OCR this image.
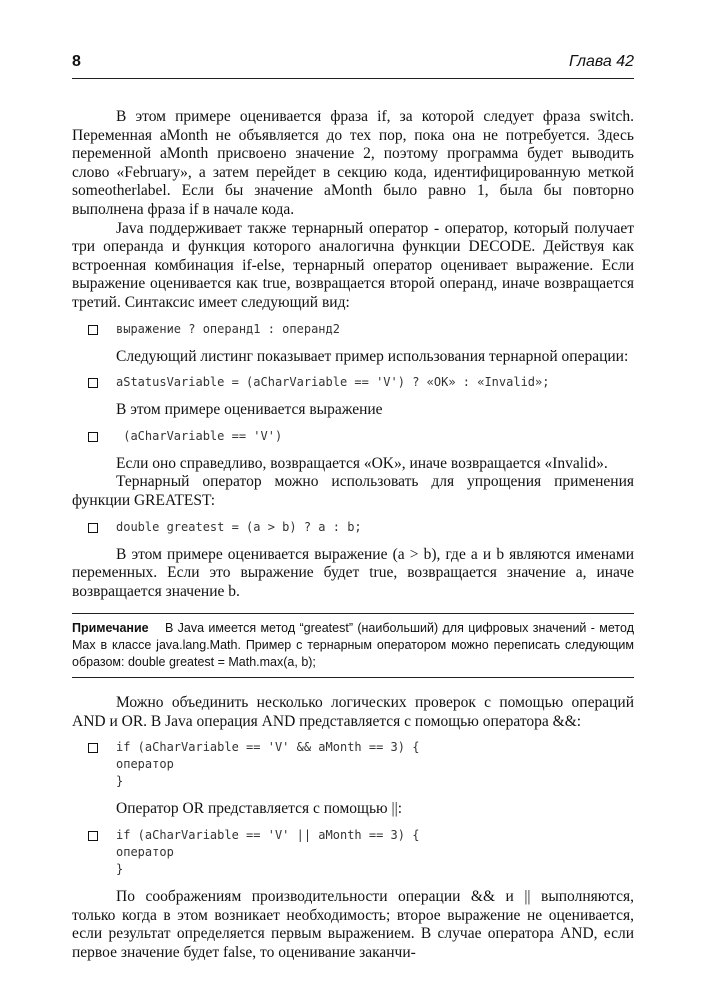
8	Глава 42

В этом примере оценивается фраза if, за которой следует фраза switch. Переменная aMonth не объявляется до тех пор, пока она не потребуется. Здесь переменной aMonth присвоено значение 2, поэтому программа будет выводить слово «February», а затем перейдет в секцию кода, идентифицированную меткой someotherlabel. Если бы значение aMonth было равно 1, была бы повторно выполнена фраза if в начале кода.

Java поддерживает также тернарный оператор - оператор, который получает три операнда и функция которого аналогична функции DECODE. Действуя как встроенная комбинация if-else, тернарный оператор оценивает выражение. Если выражение оценивается как true, возвращается второй операнд, иначе возвращается третий. Синтаксис имеет следующий вид:

выражение ? операнд1 : операнд2

Следующий листинг показывает пример использования тернарной операции:

aStatusVariable = (aCharVariable == 'V') ? «OK» : «Invalid»;

В этом примере оценивается выражение

(aCharVariable == 'V')

Если оно справедливо, возвращается «OK», иначе возвращается «Invalid».

Тернарный оператор можно использовать для упрощения применения функции GREATEST:

double greatest = (a > b) ? a : b;

В этом примере оценивается выражение (a > b), где a и b являются именами переменных. Если это выражение будет true, возвращается значение a, иначе возвращается значение b.

Примечание В Java имеется метод “greatest” (наибольший) для цифровых значений - метод Max в классе java.lang.Math. Пример с тернарным оператором можно переписать следующим образом: double greatest = Math.max(a, b);

Можно объединить несколько логических проверок с помощью операций AND и OR. В Java операция AND представляется с помощью оператора &&:

if (aCharVariable == 'V' && aMonth == 3) {
оператор
}

Оператор OR представляется с помощью ||:

if (aCharVariable == 'V' || aMonth == 3) {
оператор
}

По соображениям производительности операции && и || выполняются, только когда в этом возникает необходимость; второе выражение не оценивается, если результат определяется первым выражением. В случае оператора AND, если первое значение будет false, то оценивание заканчи-
